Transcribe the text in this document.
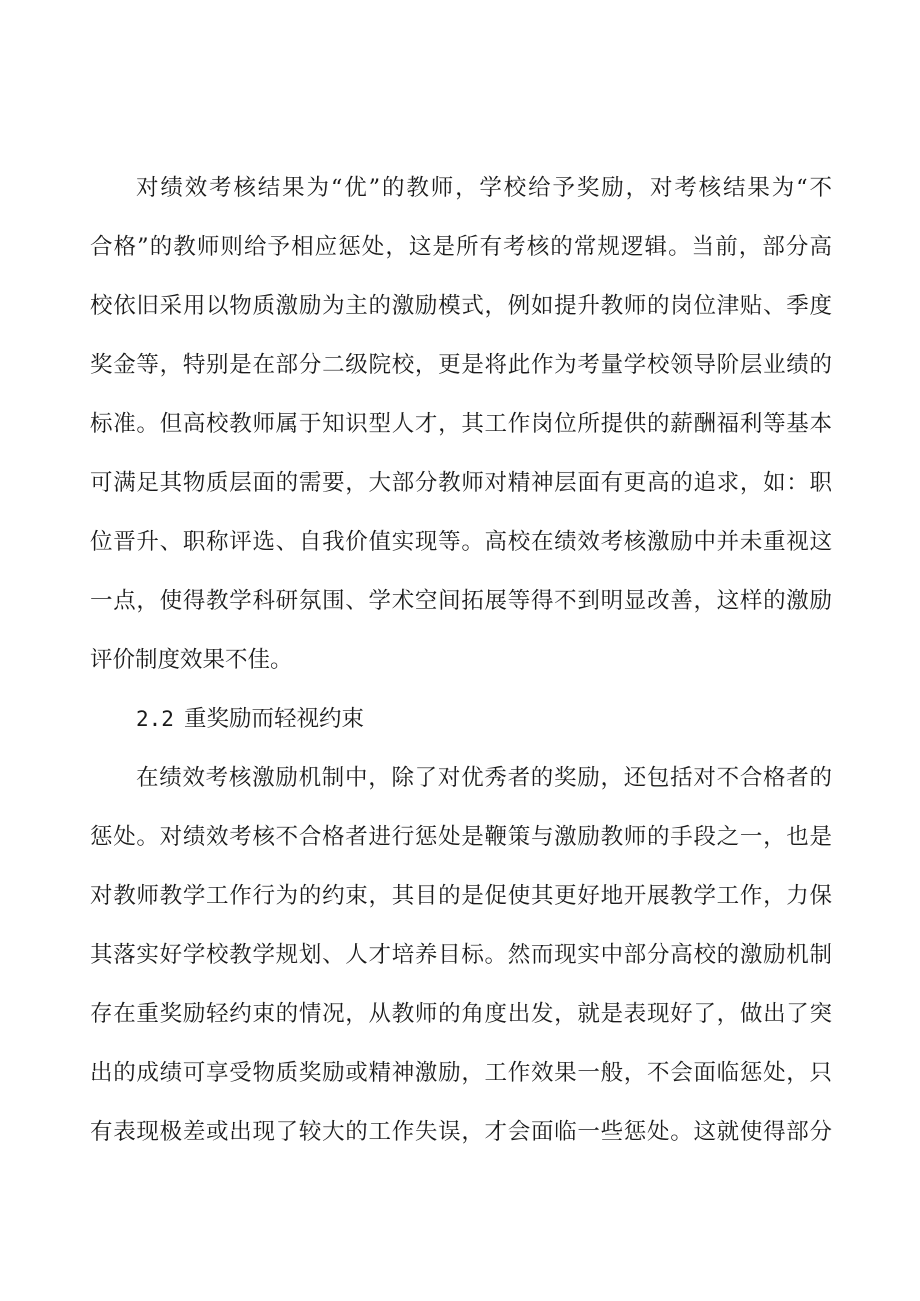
对绩效考核结果为“优”的教师，学校给予奖励，对考核结果为“不
合格”的教师则给予相应惩处，这是所有考核的常规逻辑。当前，部分高
校依旧采用以物质激励为主的激励模式，例如提升教师的岗位津贴、季度
奖金等，特别是在部分二级院校，更是将此作为考量学校领导阶层业绩的
标准。但高校教师属于知识型人才，其工作岗位所提供的薪酬福利等基本
可满足其物质层面的需要，大部分教师对精神层面有更高的追求，如：职
位晋升、职称评选、自我价值实现等。高校在绩效考核激励中并未重视这
一点，使得教学科研氛围、学术空间拓展等得不到明显改善，这样的激励
评价制度效果不佳。
2.2 重奖励而轻视约束
在绩效考核激励机制中，除了对优秀者的奖励，还包括对不合格者的
惩处。对绩效考核不合格者进行惩处是鞭策与激励教师的手段之一，也是
对教师教学工作行为的约束，其目的是促使其更好地开展教学工作，力保
其落实好学校教学规划、人才培养目标。然而现实中部分高校的激励机制
存在重奖励轻约束的情况，从教师的角度出发，就是表现好了，做出了突
出的成绩可享受物质奖励或精神激励，工作效果一般，不会面临惩处，只
有表现极差或出现了较大的工作失误，才会面临一些惩处。这就使得部分
